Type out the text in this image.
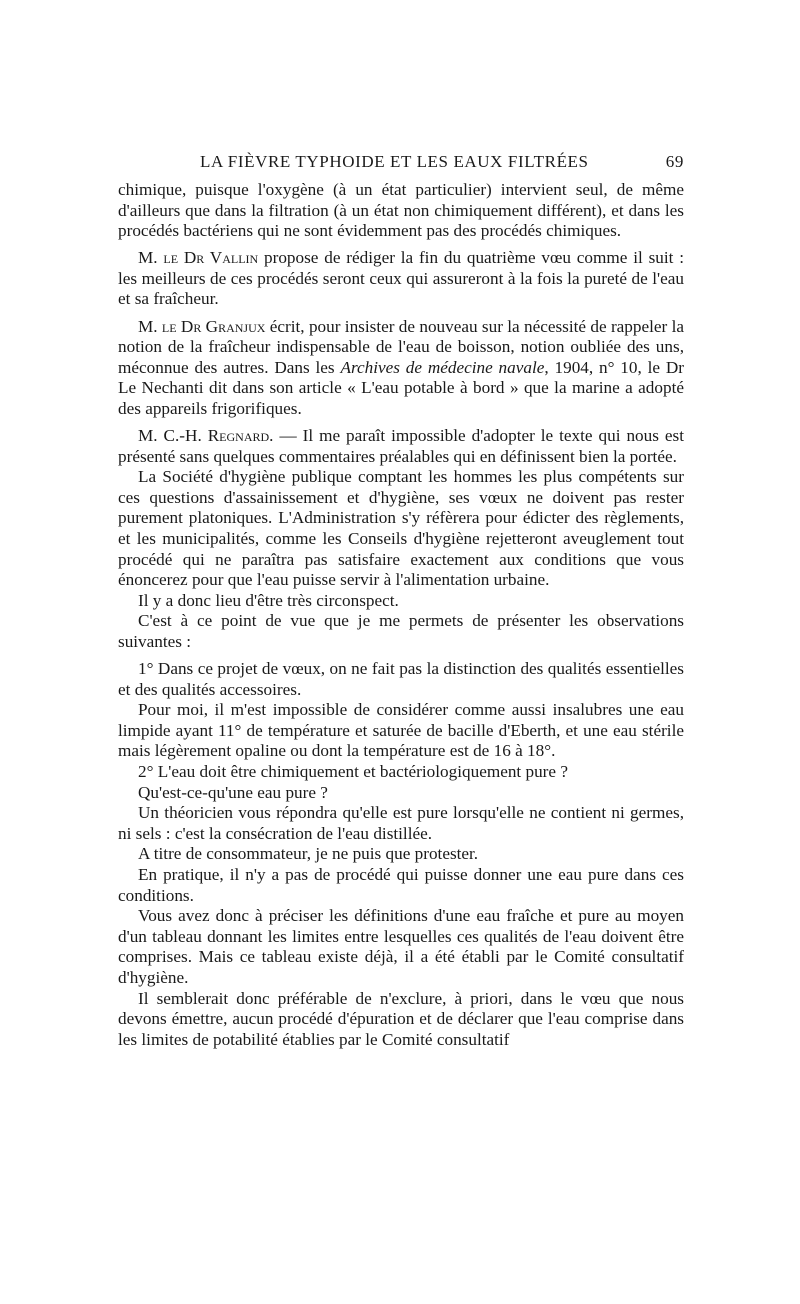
LA FIÈVRE TYPHOIDE ET LES EAUX FILTRÉES	69

chimique, puisque l'oxygène (à un état particulier) intervient seul, de même d'ailleurs que dans la filtration (à un état non chimiquement différent), et dans les procédés bactériens qui ne sont évidemment pas des procédés chimiques.

M. le Dr Vallin propose de rédiger la fin du quatrième vœu comme il suit : les meilleurs de ces procédés seront ceux qui assureront à la fois la pureté de l'eau et sa fraîcheur.

M. le Dr Granjux écrit, pour insister de nouveau sur la nécessité de rappeler la notion de la fraîcheur indispensable de l'eau de boisson, notion oubliée des uns, méconnue des autres. Dans les Archives de médecine navale, 1904, n° 10, le Dr Le Nechanti dit dans son article « L'eau potable à bord » que la marine a adopté des appareils frigorifiques.

M. C.-H. Regnard. — Il me paraît impossible d'adopter le texte qui nous est présenté sans quelques commentaires préalables qui en définissent bien la portée.

La Société d'hygiène publique comptant les hommes les plus compétents sur ces questions d'assainissement et d'hygiène, ses vœux ne doivent pas rester purement platoniques. L'Administration s'y réfèrera pour édicter des règlements, et les municipalités, comme les Conseils d'hygiène rejetteront aveuglement tout procédé qui ne paraîtra pas satisfaire exactement aux conditions que vous énoncerez pour que l'eau puisse servir à l'alimentation urbaine.

Il y a donc lieu d'être très circonspect.

C'est à ce point de vue que je me permets de présenter les observations suivantes :

1° Dans ce projet de vœux, on ne fait pas la distinction des qualités essentielles et des qualités accessoires.

Pour moi, il m'est impossible de considérer comme aussi insalubres une eau limpide ayant 11° de température et saturée de bacille d'Eberth, et une eau stérile mais légèrement opaline ou dont la température est de 16 à 18°.

2° L'eau doit être chimiquement et bactériologiquement pure ?

Qu'est-ce-qu'une eau pure ?

Un théoricien vous répondra qu'elle est pure lorsqu'elle ne contient ni germes, ni sels : c'est la consécration de l'eau distillée.

A titre de consommateur, je ne puis que protester.

En pratique, il n'y a pas de procédé qui puisse donner une eau pure dans ces conditions.

Vous avez donc à préciser les définitions d'une eau fraîche et pure au moyen d'un tableau donnant les limites entre lesquelles ces qualités de l'eau doivent être comprises. Mais ce tableau existe déjà, il a été établi par le Comité consultatif d'hygiène.

Il semblerait donc préférable de n'exclure, à priori, dans le vœu que nous devons émettre, aucun procédé d'épuration et de déclarer que l'eau comprise dans les limites de potabilité établies par le Comité consultatif
